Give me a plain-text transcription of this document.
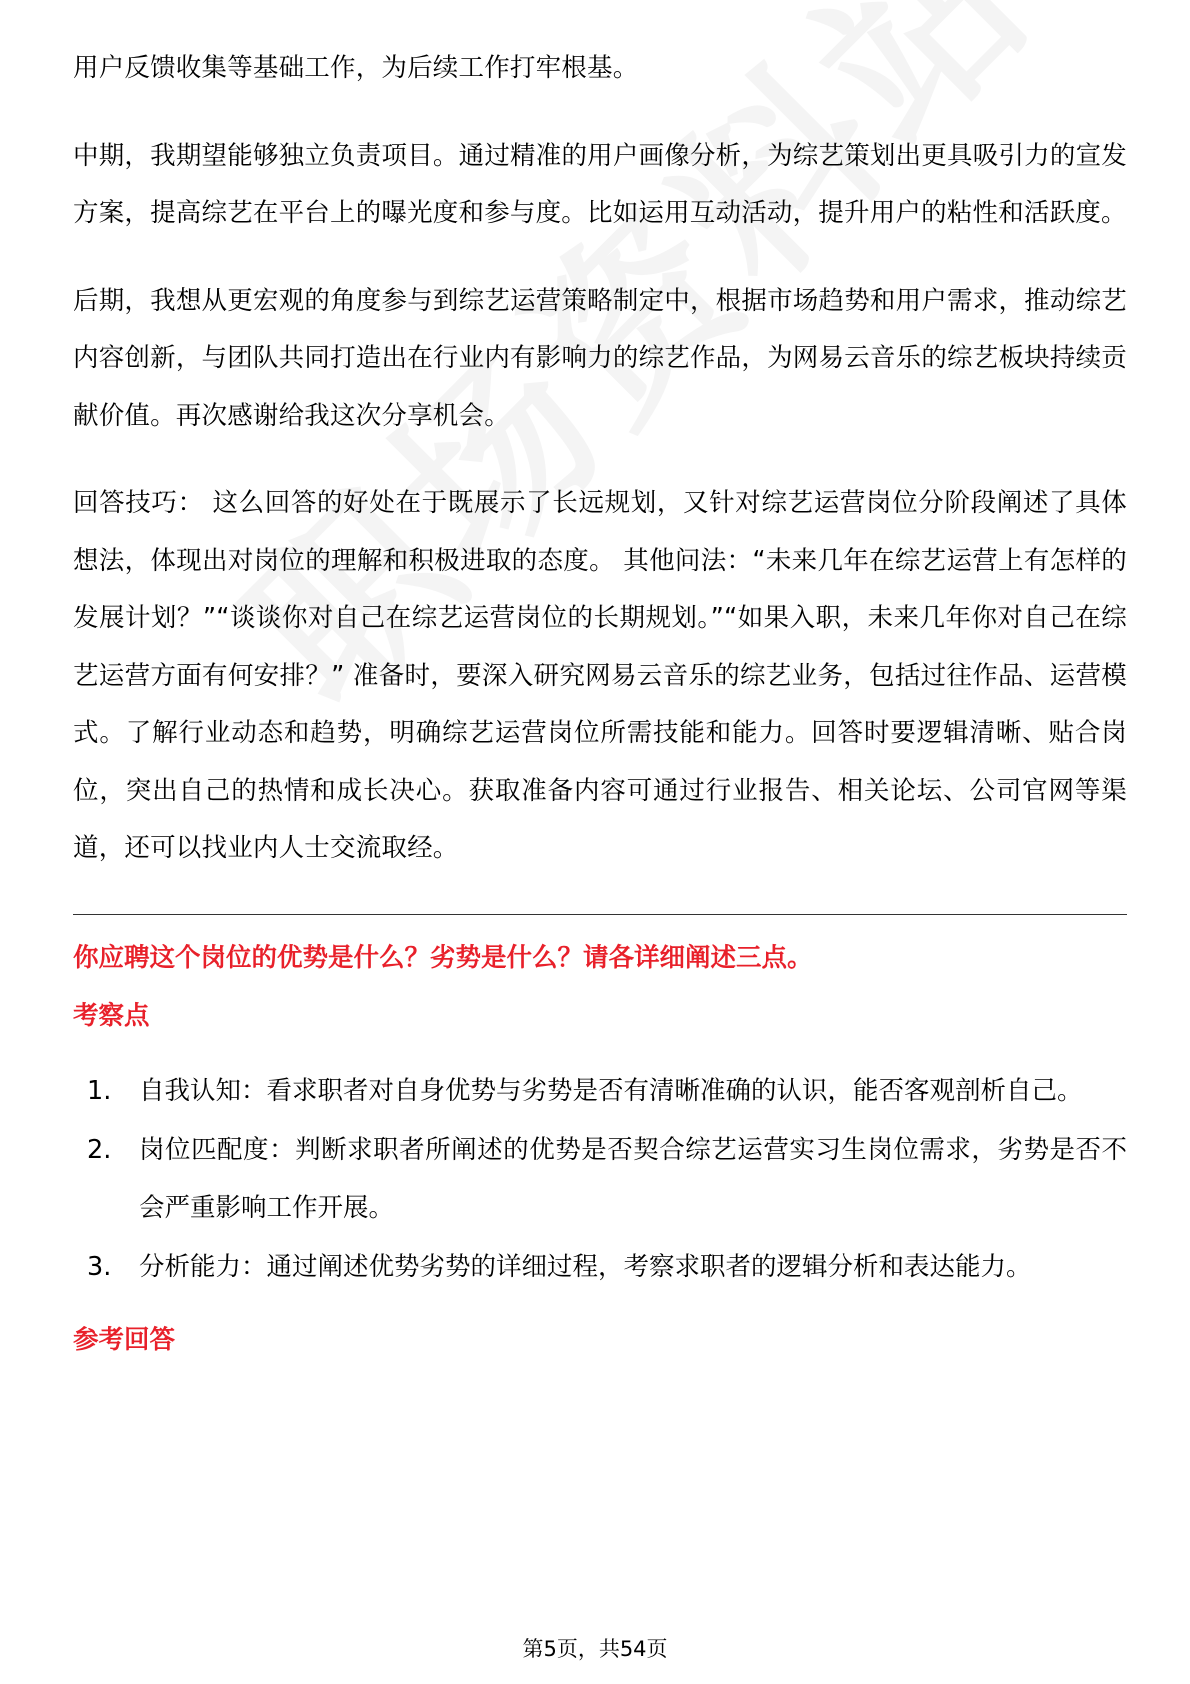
用户反馈收集等基础工作，为后续工作打牢根基。

中期，我期望能够独立负责项目。通过精准的用户画像分析，为综艺策划出更具吸引力的宣发方案，提高综艺在平台上的曝光度和参与度。比如运用互动活动，提升用户的粘性和活跃度。

后期，我想从更宏观的角度参与到综艺运营策略制定中，根据市场趋势和用户需求，推动综艺内容创新，与团队共同打造出在行业内有影响力的综艺作品，为网易云音乐的综艺板块持续贡献价值。再次感谢给我这次分享机会。

回答技巧： 这么回答的好处在于既展示了长远规划，又针对综艺运营岗位分阶段阐述了具体想法，体现出对岗位的理解和积极进取的态度。 其他问法：“未来几年在综艺运营上有怎样的发展计划？”“谈谈你对自己在综艺运营岗位的长期规划。”“如果入职，未来几年你对自己在综艺运营方面有何安排？” 准备时，要深入研究网易云音乐的综艺业务，包括过往作品、运营模式。了解行业动态和趋势，明确综艺运营岗位所需技能和能力。回答时要逻辑清晰、贴合岗位，突出自己的热情和成长决心。获取准备内容可通过行业报告、相关论坛、公司官网等渠道，还可以找业内人士交流取经。

你应聘这个岗位的优势是什么？劣势是什么？请各详细阐述三点。
考察点
1. 自我认知：看求职者对自身优势与劣势是否有清晰准确的认识，能否客观剖析自己。
2. 岗位匹配度：判断求职者所阐述的优势是否契合综艺运营实习生岗位需求，劣势是否不会严重影响工作开展。
3. 分析能力：通过阐述优势劣势的详细过程，考察求职者的逻辑分析和表达能力。
参考回答
第5页，共54页
